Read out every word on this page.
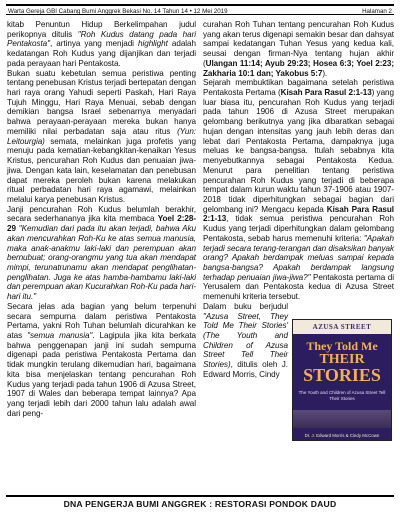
Warta Gereja GBI Cabang Bumi Anggrek Bekasi No. 14 Tahun 14 • 12 Mei 2019	Halaman 2

kitab Penuntun Hidup Berkelimpahan judul perikopnya ditulis "Roh Kudus datang pada hari Pentakosta", artinya yang menjadi highlight adalah kedatangan Roh Kudus yang dijanjikan dan terjadi pada perayaan hari Pentakosta.

Bukan suatu kebetulan semua peristiwa penting tentang penebusan Kristus terjadi bertepatan dengan hari raya orang Yahudi seperti Paskah, Hari Raya Tujuh Minggu, Hari Raya Menuai, sebab dengan demikian bangsa Israel sebenarnya menyadari bahwa perayaan-perayaan mereka bukan hanya memiliki nilai perbadatan saja atau ritus (Yun: Leitourgia) semata, melainkan juga profetis yang menuju pada kematian-kebangkitan-kenaikan Yesus Kristus, pencurahan Roh Kudus dan penuaian jiwa-jiwa. Dengan kata lain, keselamatan dan penebusan dapat mereka peroleh bukan karena melakukan ritual perbadatan hari raya agamawi, melainkan melalui karya penebusan Kristus.

Janji pencurahan Roh Kudus belumlah berakhir, secara sederhananya jika kita membaca Yoel 2:28-29 "Kemudian dari pada itu akan terjadi, bahwa Aku akan mencurahkan Roh-Ku ke atas semua manusia, maka anak-anakmu laki-laki dan perempuan akan bernubuat; orang-orangmu yang tua akan mendapat mimpi, terunatrunamu akan mendapat penglihatan-penglihatan. Juga ke atas hamba-hambamu laki-laki dan perempuan akan Kucurahkan Roh-Ku pada hari-hari itu."

Secara jelas ada bagian yang belum terpenuhi secara sempurna dalam peristiwa Pentakosta Pertama, yakni Roh Tuhan belumlah dicurahkan ke atas "semua manusia". Lagipula jika kita berkata bahwa penggenapan janji ini sudah sempurna digenapi pada peristiwa Pentakosta Pertama dan tidak mungkin terulang dikemudian hari, bagaimana kita bisa menjelaskan tentang pencurahan Roh Kudus yang terjadi pada tahun 1906 di Azusa Street, 1907 di Wales dan beberapa tempat lainnya? Apa yang terjadi lebih dari 2000 tahun lalu adalah awal dari peng-

curahan Roh Tuhan tentang pencurahan Roh Kudus yang akan terus digenapi semakin besar dan dahsyat sampai kedatangan Tuhan Yesus yang kedua kali, seusai dengan firman-Nya tentang hujan akhir (Ulangan 11:14; Ayub 29:23; Hosea 6:3; Yoel 2:23; Zakharia 10:1 dan; Yakobus 5:7).

Sejarah membuktikan bagaimana setelah peristiwa Pentakosta Pertama (Kisah Para Rasul 2:1-13) yang luar biasa itu, pencurahan Roh Kudus yang terjadi pada tahun 1906 di Azusa Street merupakan gelombang berikutnya yang jika dibaratkan sebagai hujan dengan intensitas yang jauh lebih deras dan lebat dari Pentakosta Pertama, dampaknya juga meluas ke bangsa-bangsa. Itulah sebabnya kita menyebutkannya sebagai Pentakosta Kedua. Menurut para penelitian tentang peristiwa pencurahan Roh Kudus yang terjadi di beberapa tempat dalam kurun waktu tahun 37-1906 atau 1907-2018 tidak diperhitungkan sebagai bagian dari gelombang ini? Mengacu kepada Kisah Para Rasul 2:1-13, tidak semua peristiwa pencurahan Roh Kudus yang terjadi diperhitungkan dalam gelombang Pentakosta, sebab harus memenuhi kriteria: "Apakah terjadi secara terang-terangan dan disaksikan banyak orang? Apakah berdampak meluas sampai kepada bangsa-bangsa? Apakah berdampak langsung terhadap penuaian jiwa-jiwa?" Pentakosta pertama di Yerusalem dan Pentakosta kedua di Azusa Street memenuhi kriteria tersebut.

Dalam buku berjudul "Azusa Street, They Told Me Their Stories' (The Youth and Children of Azusa Street Tell Their Stories), ditulis oleh J. Edward Morris, Cindy

AZUSA STREET
They Told Me
THEIR
STORIES
The Youth and Children of Azusa Street Tell Their Stories
Dr. J. Edward Morris & Cindy McCown
DNA PENGERJA BUMI ANGGREK : RESTORASI PONDOK DAUD
